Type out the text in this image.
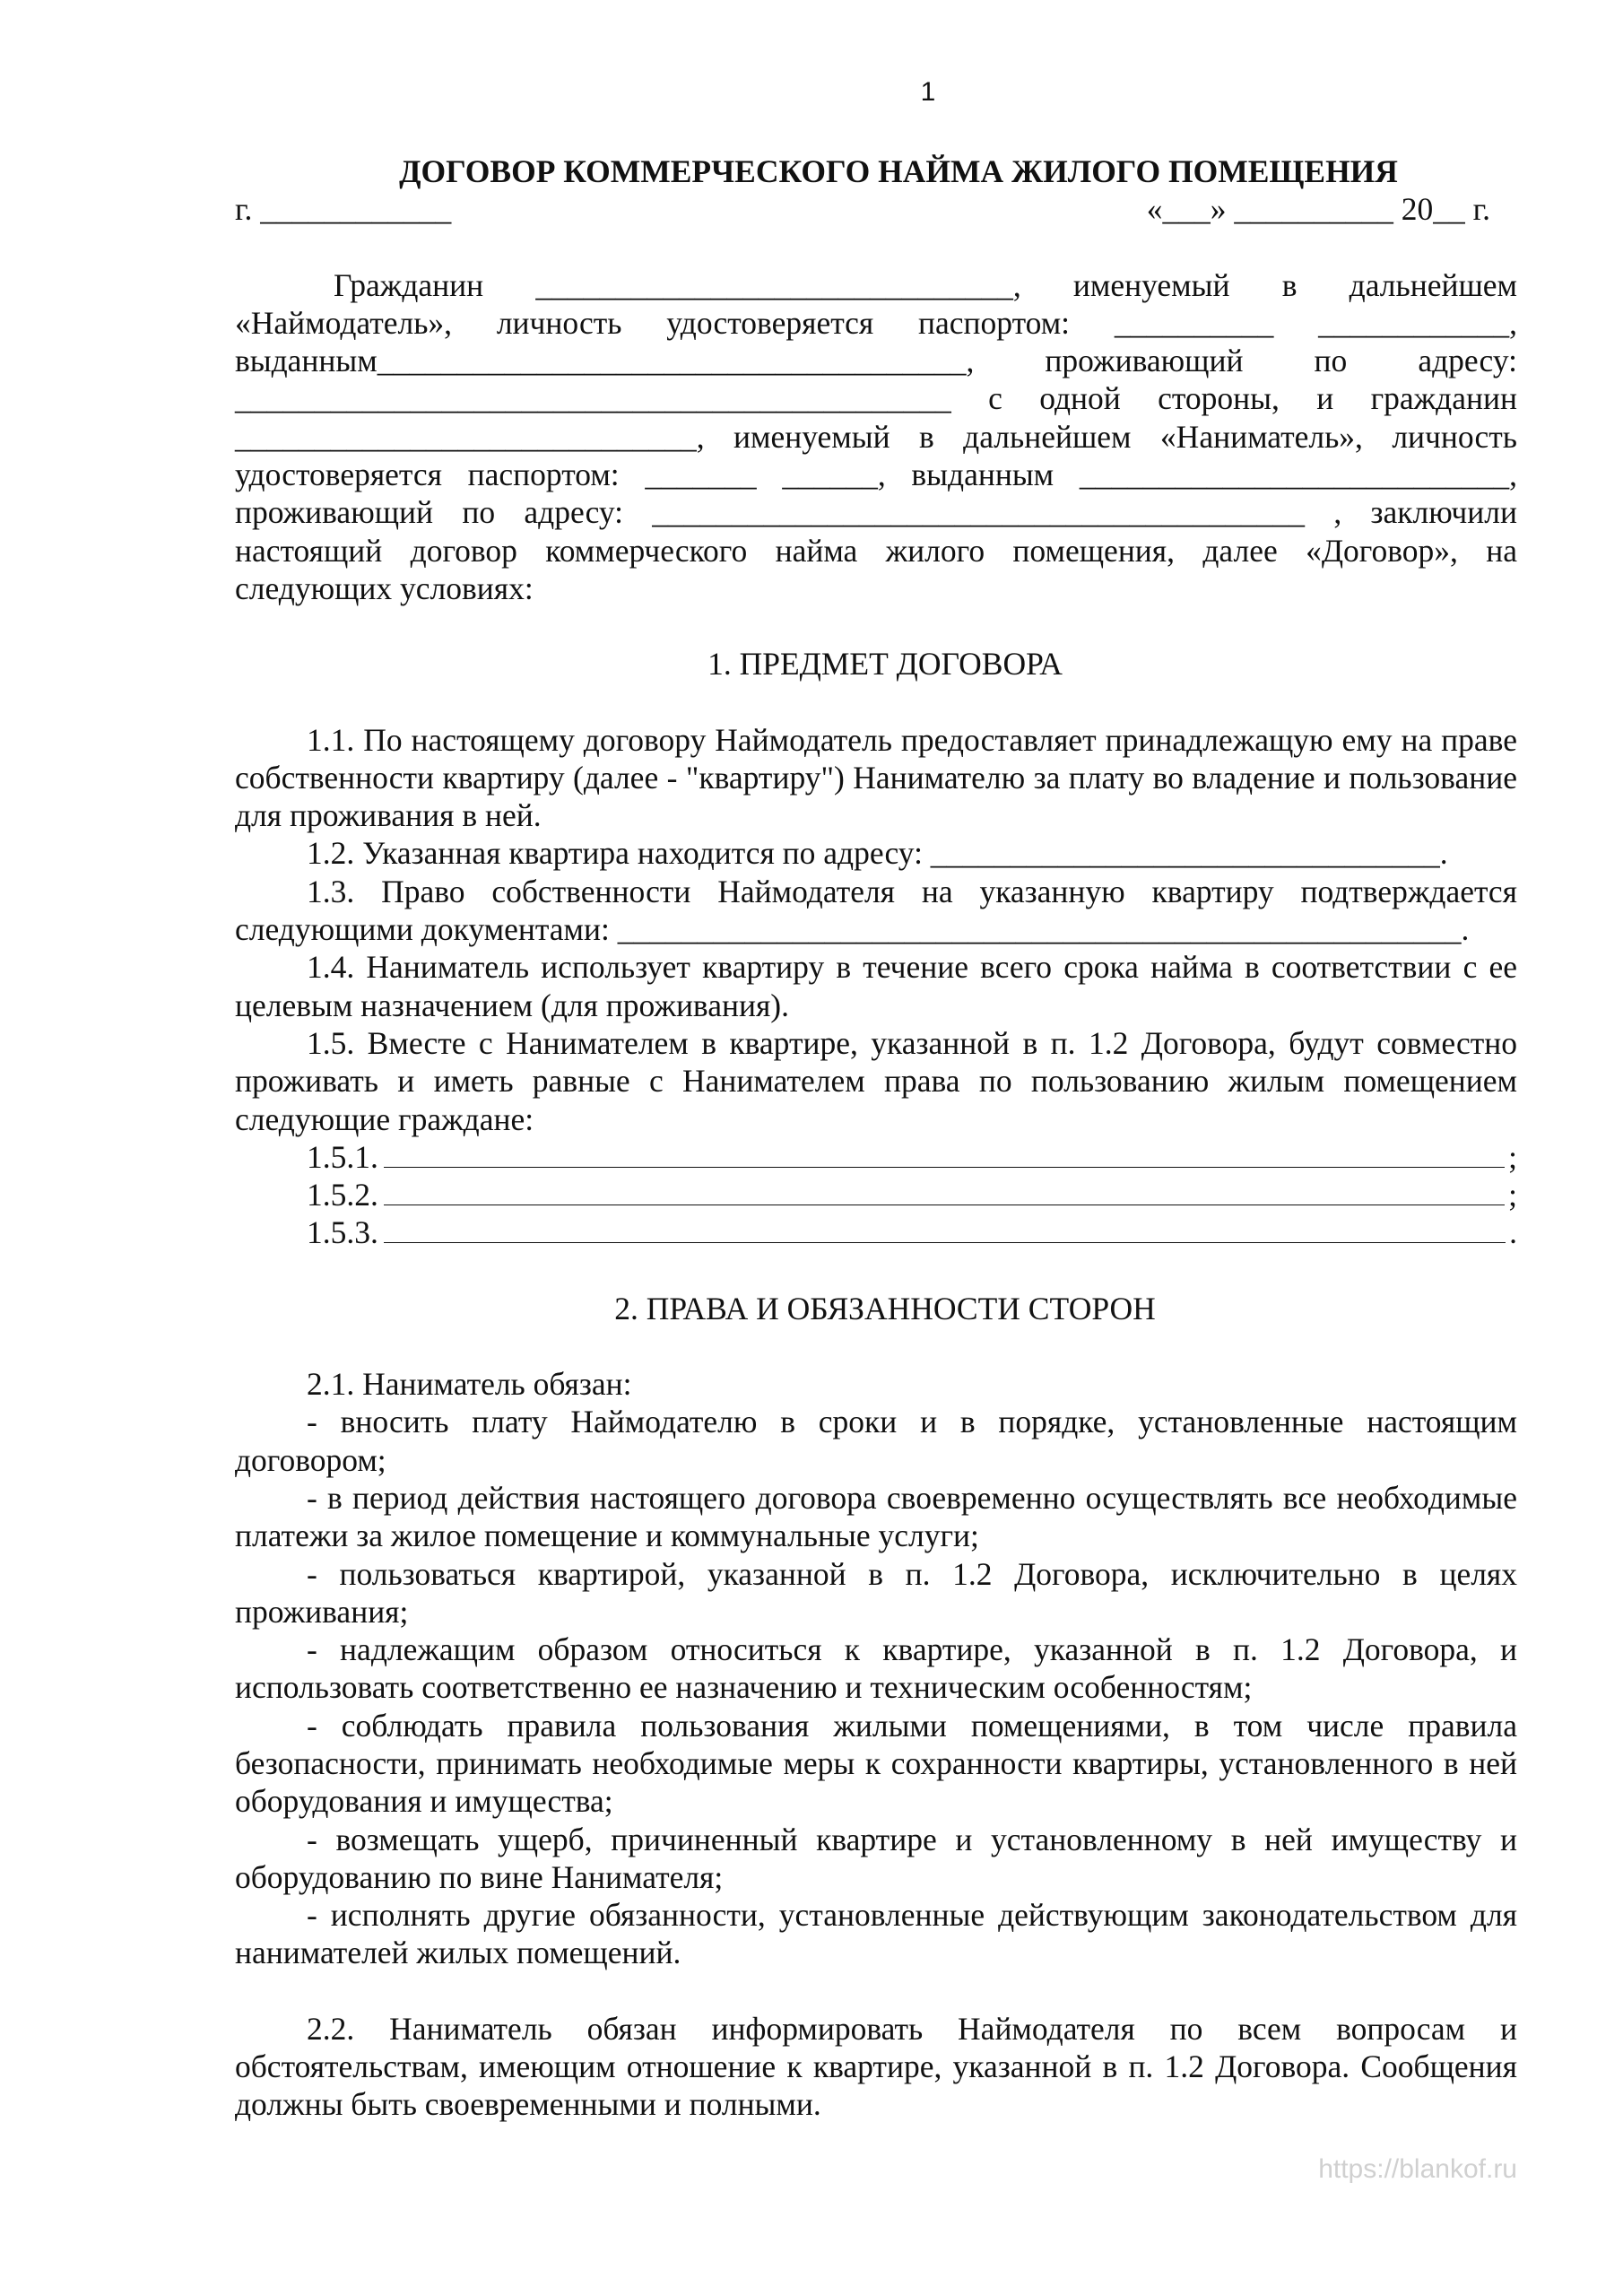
1
ДОГОВОР КОММЕРЧЕСКОГО НАЙМА ЖИЛОГО ПОМЕЩЕНИЯ
г. ____________	«___» __________ 20__ г.

Гражданин ______________________________, именуемый в дальнейшем «Наймодатель», личность удостоверяется паспортом: __________ ____________, выданным_____________________________________, проживающий по адресу: _____________________________________________ с одной стороны, и гражданин _____________________________, именуемый в дальнейшем «Наниматель», личность удостоверяется паспортом: _______ ______, выданным ___________________________, проживающий по адресу: _________________________________________ , заключили настоящий договор коммерческого найма жилого помещения, далее «Договор», на следующих условиях:

1. ПРЕДМЕТ ДОГОВОРА

1.1. По настоящему договору Наймодатель предоставляет принадлежащую ему на праве собственности квартиру (далее - "квартиру") Нанимателю за плату во владение и пользование для проживания в ней.

1.2. Указанная квартира находится по адресу: ________________________________.

1.3. Право собственности Наймодателя на указанную квартиру подтверждается следующими документами: _____________________________________________________.

1.4. Наниматель использует квартиру в течение всего срока найма в соответствии с ее целевым назначением (для проживания).

1.5. Вместе с Нанимателем в квартире, указанной в п. 1.2 Договора, будут совместно проживать и иметь равные с Нанимателем права по пользованию жилым помещением следующие граждане:

1.5.1.	;
1.5.2.	;
1.5.3.	.

2. ПРАВА И ОБЯЗАННОСТИ СТОРОН

2.1. Наниматель обязан:

- вносить плату Наймодателю в сроки и в порядке, установленные настоящим договором;

- в период действия настоящего договора своевременно осуществлять все необходимые платежи за жилое помещение и коммунальные услуги;

- пользоваться квартирой, указанной в п. 1.2 Договора, исключительно в целях проживания;

- надлежащим образом относиться к квартире, указанной в п. 1.2 Договора, и использовать соответственно ее назначению и техническим особенностям;

- соблюдать правила пользования жилыми помещениями, в том числе правила безопасности, принимать необходимые меры к сохранности квартиры, установленного в ней оборудования и имущества;

- возмещать ущерб, причиненный квартире и установленному в ней имуществу и оборудованию по вине Нанимателя;

- исполнять другие обязанности, установленные действующим законодательством для нанимателей жилых помещений.

2.2. Наниматель обязан информировать Наймодателя по всем вопросам и обстоятельствам, имеющим отношение к квартире, указанной в п. 1.2 Договора. Сообщения должны быть своевременными и полными.

https://blankof.ru
